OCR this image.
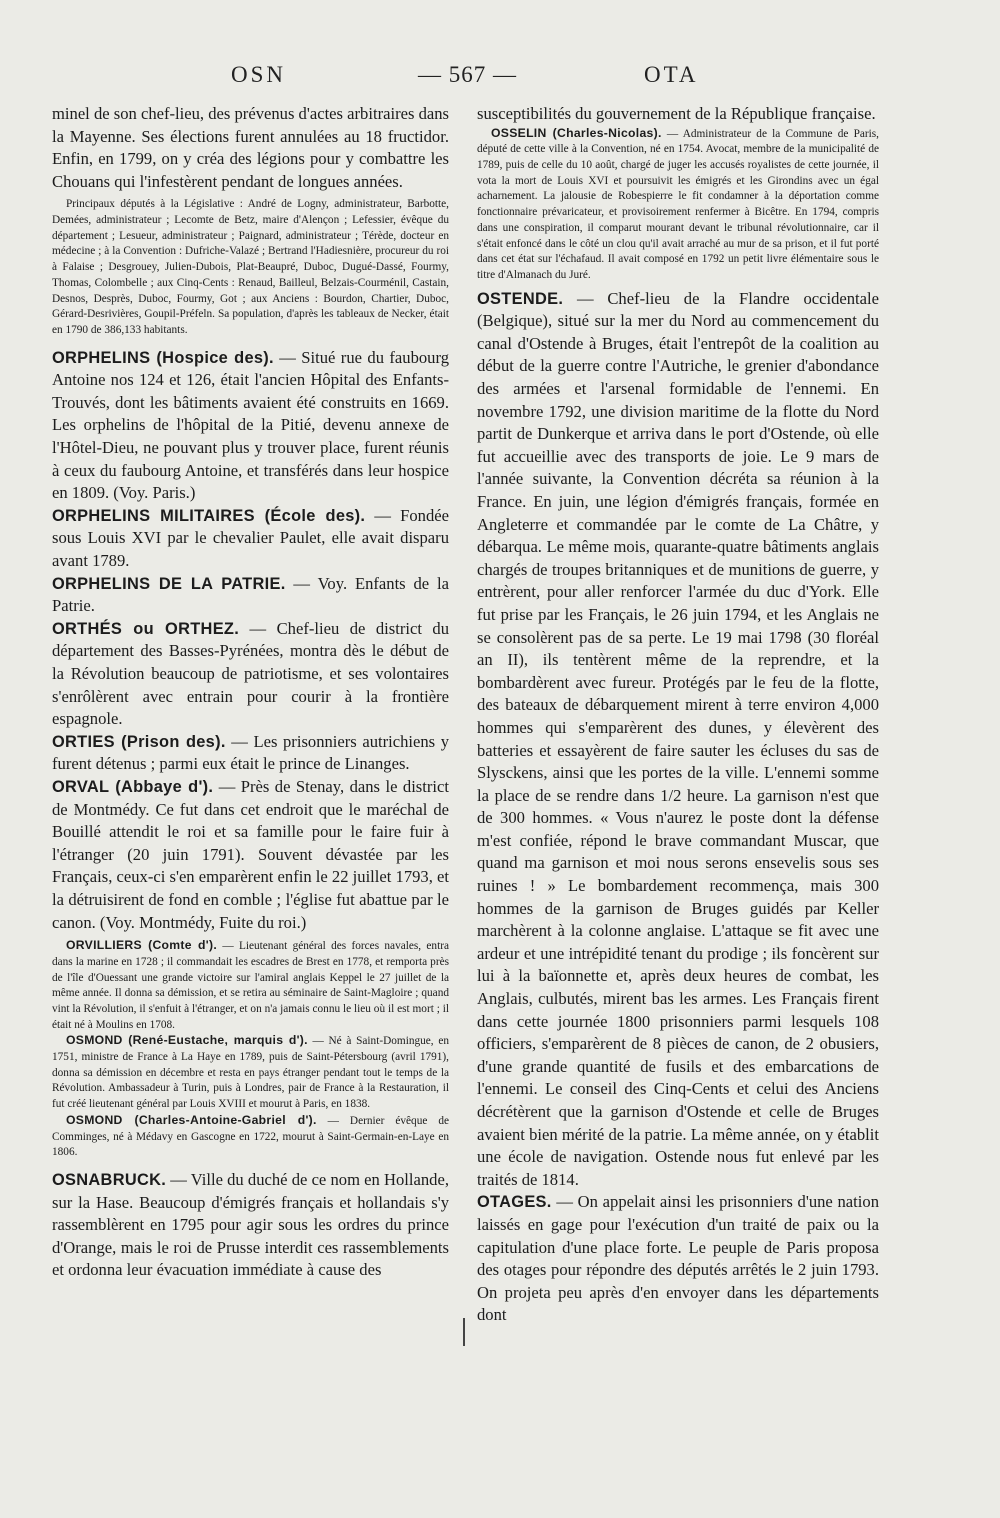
OSN	— 567 —	OTA

minel de son chef-lieu, des prévenus d'actes arbitraires dans la Mayenne. Ses élections furent annulées au 18 fructidor. Enfin, en 1799, on y créa des légions pour y combattre les Chouans qui l'infestèrent pendant de longues années.

Principaux députés à la Législative : André de Logny, administrateur, Barbotte, Demées, administrateur ; Lecomte de Betz, maire d'Alençon ; Lefessier, évêque du département ; Lesueur, administrateur ; Paignard, administrateur ; Térède, docteur en médecine ; à la Convention : Dufriche-Valazé ; Bertrand l'Hadiesnière, procureur du roi à Falaise ; Desgrouey, Julien-Dubois, Plat-Beaupré, Duboc, Dugué-Dassé, Fourmy, Thomas, Colombelle ; aux Cinq-Cents : Renaud, Bailleul, Belzais-Courménil, Castain, Desnos, Desprès, Duboc, Fourmy, Got ; aux Anciens : Bourdon, Chartier, Duboc, Gérard-Desrivières, Goupil-Préfeln. Sa population, d'après les tableaux de Necker, était en 1790 de 386,133 habitants.

ORPHELINS (Hospice des). — Situé rue du faubourg Antoine nos 124 et 126, était l'ancien Hôpital des Enfants-Trouvés, dont les bâtiments avaient été construits en 1669. Les orphelins de l'hôpital de la Pitié, devenu annexe de l'Hôtel-Dieu, ne pouvant plus y trouver place, furent réunis à ceux du faubourg Antoine, et transférés dans leur hospice en 1809. (Voy. Paris.)

ORPHELINS MILITAIRES (École des). — Fondée sous Louis XVI par le chevalier Paulet, elle avait disparu avant 1789.

ORPHELINS DE LA PATRIE. — Voy. Enfants de la Patrie.

ORTHÉS ou ORTHEZ. — Chef-lieu de district du département des Basses-Pyrénées, montra dès le début de la Révolution beaucoup de patriotisme, et ses volontaires s'enrôlèrent avec entrain pour courir à la frontière espagnole.

ORTIES (Prison des). — Les prisonniers autrichiens y furent détenus ; parmi eux était le prince de Linanges.

ORVAL (Abbaye d'). — Près de Stenay, dans le district de Montmédy. Ce fut dans cet endroit que le maréchal de Bouillé attendit le roi et sa famille pour le faire fuir à l'étranger (20 juin 1791). Souvent dévastée par les Français, ceux-ci s'en emparèrent enfin le 22 juillet 1793, et la détruisirent de fond en comble ; l'église fut abattue par le canon. (Voy. Montmédy, Fuite du roi.)

ORVILLIERS (Comte d'). — Lieutenant général des forces navales, entra dans la marine en 1728 ; il commandait les escadres de Brest en 1778, et remporta près de l'île d'Ouessant une grande victoire sur l'amiral anglais Keppel le 27 juillet de la même année. Il donna sa démission, et se retira au séminaire de Saint-Magloire ; quand vint la Révolution, il s'enfuit à l'étranger, et on n'a jamais connu le lieu où il est mort ; il était né à Moulins en 1708.

OSMOND (René-Eustache, marquis d'). — Né à Saint-Domingue, en 1751, ministre de France à La Haye en 1789, puis de Saint-Pétersbourg (avril 1791), donna sa démission en décembre et resta en pays étranger pendant tout le temps de la Révolution. Ambassadeur à Turin, puis à Londres, pair de France à la Restauration, il fut créé lieutenant général par Louis XVIII et mourut à Paris, en 1838.

OSMOND (Charles-Antoine-Gabriel d'). — Dernier évêque de Comminges, né à Médavy en Gascogne en 1722, mourut à Saint-Germain-en-Laye en 1806.

OSNABRUCK. — Ville du duché de ce nom en Hollande, sur la Hase. Beaucoup d'émigrés français et hollandais s'y rassemblèrent en 1795 pour agir sous les ordres du prince d'Orange, mais le roi de Prusse interdit ces rassemblements et ordonna leur évacuation immédiate à cause des

susceptibilités du gouvernement de la République française.

OSSELIN (Charles-Nicolas). — Administrateur de la Commune de Paris, député de cette ville à la Convention, né en 1754. Avocat, membre de la municipalité de 1789, puis de celle du 10 août, chargé de juger les accusés royalistes de cette journée, il vota la mort de Louis XVI et poursuivit les émigrés et les Girondins avec un égal acharnement. La jalousie de Robespierre le fit condamner à la déportation comme fonctionnaire prévaricateur, et provisoirement renfermer à Bicêtre. En 1794, compris dans une conspiration, il comparut mourant devant le tribunal révolutionnaire, car il s'était enfoncé dans le côté un clou qu'il avait arraché au mur de sa prison, et il fut porté dans cet état sur l'échafaud. Il avait composé en 1792 un petit livre élémentaire sous le titre d'Almanach du Juré.

OSTENDE. — Chef-lieu de la Flandre occidentale (Belgique), situé sur la mer du Nord au commencement du canal d'Ostende à Bruges, était l'entrepôt de la coalition au début de la guerre contre l'Autriche, le grenier d'abondance des armées et l'arsenal formidable de l'ennemi. En novembre 1792, une division maritime de la flotte du Nord partit de Dunkerque et arriva dans le port d'Ostende, où elle fut accueillie avec des transports de joie. Le 9 mars de l'année suivante, la Convention décréta sa réunion à la France. En juin, une légion d'émigrés français, formée en Angleterre et commandée par le comte de La Châtre, y débarqua. Le même mois, quarante-quatre bâtiments anglais chargés de troupes britanniques et de munitions de guerre, y entrèrent, pour aller renforcer l'armée du duc d'York. Elle fut prise par les Français, le 26 juin 1794, et les Anglais ne se consolèrent pas de sa perte. Le 19 mai 1798 (30 floréal an II), ils tentèrent même de la reprendre, et la bombardèrent avec fureur. Protégés par le feu de la flotte, des bateaux de débarquement mirent à terre environ 4,000 hommes qui s'emparèrent des dunes, y élevèrent des batteries et essayèrent de faire sauter les écluses du sas de Slysckens, ainsi que les portes de la ville. L'ennemi somme la place de se rendre dans 1/2 heure. La garnison n'est que de 300 hommes. « Vous n'aurez le poste dont la défense m'est confiée, répond le brave commandant Muscar, que quand ma garnison et moi nous serons ensevelis sous ses ruines ! » Le bombardement recommença, mais 300 hommes de la garnison de Bruges guidés par Keller marchèrent à la colonne anglaise. L'attaque se fit avec une ardeur et une intrépidité tenant du prodige ; ils foncèrent sur lui à la baïonnette et, après deux heures de combat, les Anglais, culbutés, mirent bas les armes. Les Français firent dans cette journée 1800 prisonniers parmi lesquels 108 officiers, s'emparèrent de 8 pièces de canon, de 2 obusiers, d'une grande quantité de fusils et des embarcations de l'ennemi. Le conseil des Cinq-Cents et celui des Anciens décrétèrent que la garnison d'Ostende et celle de Bruges avaient bien mérité de la patrie. La même année, on y établit une école de navigation. Ostende nous fut enlevé par les traités de 1814.

OTAGES. — On appelait ainsi les prisonniers d'une nation laissés en gage pour l'exécution d'un traité de paix ou la capitulation d'une place forte. Le peuple de Paris proposa des otages pour répondre des députés arrêtés le 2 juin 1793. On projeta peu après d'en envoyer dans les départements dont
